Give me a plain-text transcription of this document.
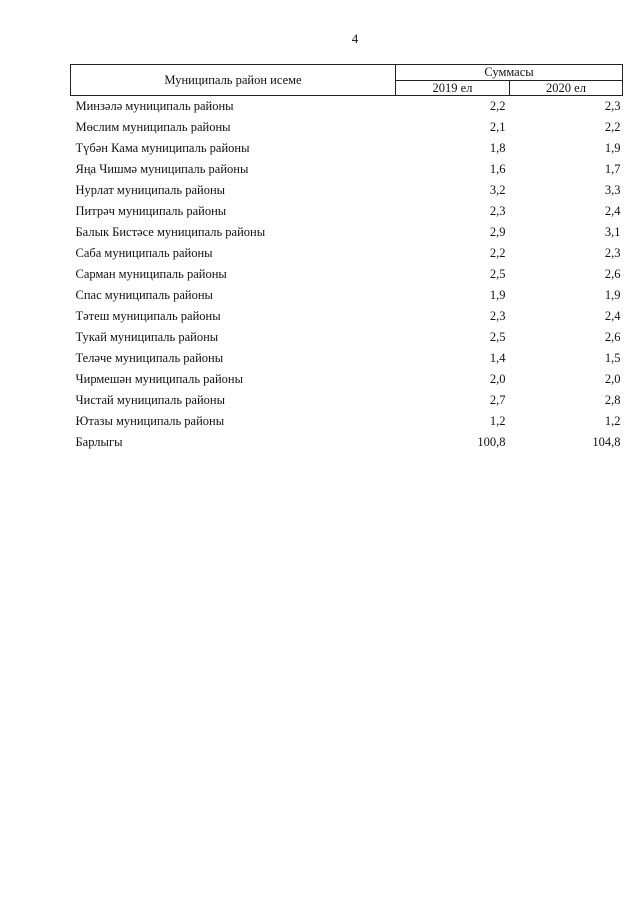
4
Муниципаль район исеме	Суммасы	
	2019 ел	2020 ел
Минзәлә муниципаль районы	2,2	2,3
Мөслим муниципаль районы	2,1	2,2
Түбән Кама муниципаль районы	1,8	1,9
Яңа Чишмә муниципаль районы	1,6	1,7
Нурлат муниципаль районы	3,2	3,3
Питрәч муниципаль районы	2,3	2,4
Балык Бистәсе муниципаль районы	2,9	3,1
Саба муниципаль районы	2,2	2,3
Сарман муниципаль районы	2,5	2,6
Спас муниципаль районы	1,9	1,9
Тәтеш муниципаль районы	2,3	2,4
Тукай муниципаль районы	2,5	2,6
Теләче муниципаль районы	1,4	1,5
Чирмешән муниципаль районы	2,0	2,0
Чистай муниципаль районы	2,7	2,8
Ютазы муниципаль районы	1,2	1,2
Барлыгы	100,8	104,8
